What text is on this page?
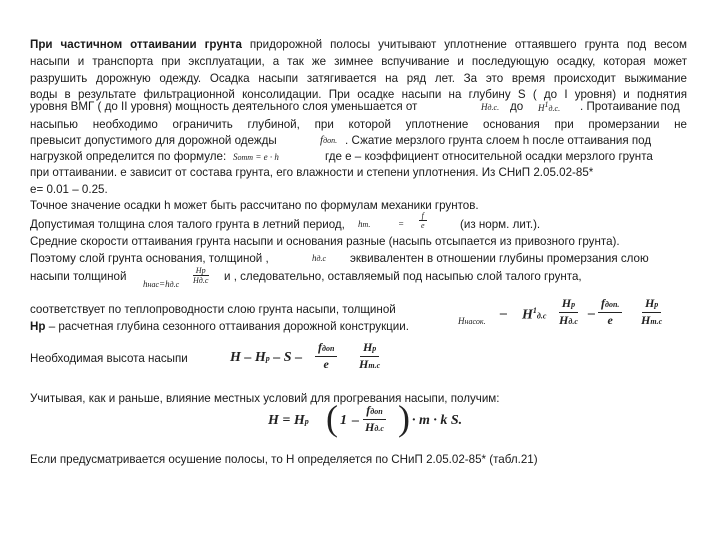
При частичном оттаивании грунта придорожной полосы учитывают уплотнение оттаявшего грунта под весом
насыпи и транспорта при эксплуатации, а так же зимнее вспучивание и последующую осадку, которая может
разрушить дорожную одежду. Осадка насыпи затягивается на ряд лет. За это время происходит выжимание
воды в результате фильтрационной консолидации. При осадке насыпи на глубину S ( до I уровня) и поднятия
уровня ВМГ ( до II уровня) мощность деятельного слоя уменьшается от	Hд.с. до $H^1д.с$. . Протаивание под
насыпью необходимо ограничить глубиной, при которой уплотнение основания при промерзании не
превысит допустимого для дорожной одежды	fдоп. . Сжатие мерзлого грунта слоем h после оттаивания под
нагрузкой определится по формуле: Sотт = e · h	где е – коэффициент относительной осадки мерзлого грунта
при оттаивании. е зависит от состава грунта, его влажности и степени уплотнения. Из СНиП 2.05.02-85*
е= 0.01 – 0.25.
Точное значение осадки h может быть рассчитано по формулам механики грунтов.
Допустимая толщина слоя талого грунта в летний период, hт.	= $\frac{f}{e}$	(из норм. лит.).
Средние скорости оттаивания грунта насыпи и основания разные (насыпь отсыпается из привозного грунта).
Поэтому слой грунта основания, толщиной ,	hд.с эквивалентен в отношении глубины промерзания слою
насыпи толщиной
hнас=hд.с
Hр
Hд.с и , следовательно, оставляемый под насыпью слой талого грунта,
соответствует по теплопроводности слою грунта насыпи, толщиной
Hр – расчетная глубина сезонного оттаивания дорожной конструкции.	Hнасок.
– $H^1д.с$
Hр
Hд.с
–
fдоп.
e
Hр
Hт.с
Необходимая высота насыпи	H – Hр – S –
fдоп
e
Hр
Hт.с
Учитывая, как и раньше, влияние местных условий для прогревания насыпи, получим:
H = Hр ( 1 –
fдоп
Hд.с ) · m · k S.
Если предусматривается осушение полосы, то H определяется по СНиП 2.05.02-85* (табл.21)
